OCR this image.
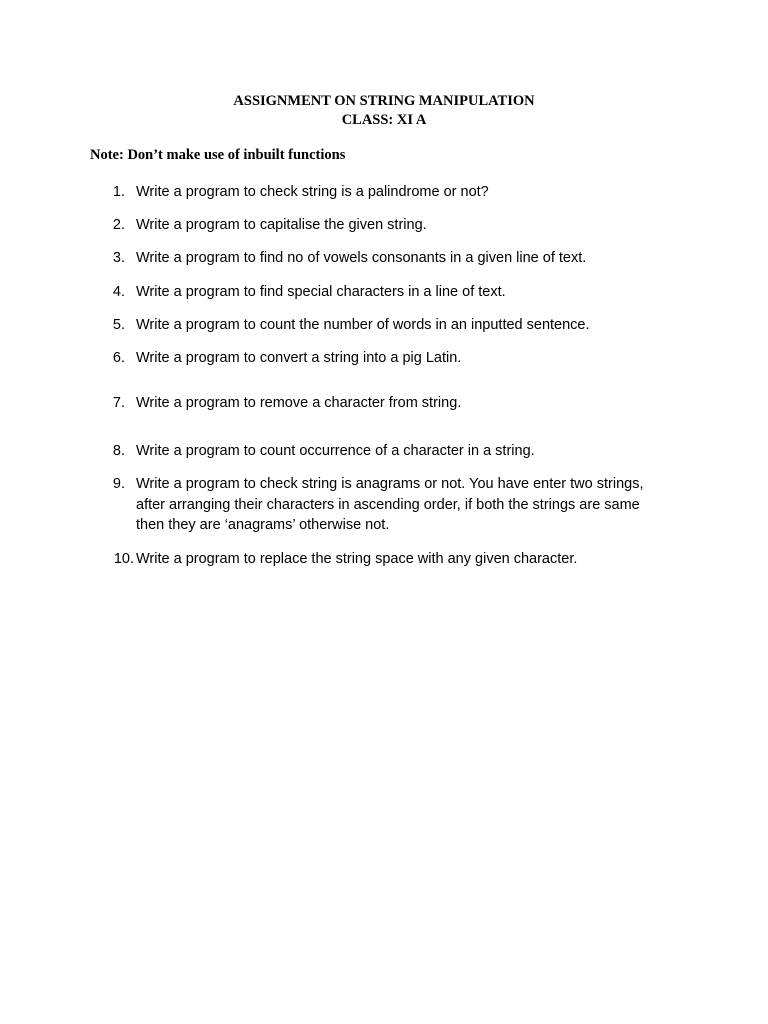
ASSIGNMENT ON STRING MANIPULATION
CLASS: XI A
Note: Don’t make use of inbuilt functions
1. Write a program to check string is a palindrome or not?
2. Write a program to capitalise the given string.
3. Write a program to find no of vowels consonants in a given line of text.
4. Write a program to find special characters in a line of text.
5. Write a program to count the number of words in an inputted sentence.
6. Write a program to convert a string into a pig Latin.
7. Write a program to remove a character from string.
8. Write a program to count occurrence of a character in a string.
9. Write a program to check string is anagrams or not. You have enter two strings,
after arranging their characters in ascending order, if both the strings are same
then they are ‘anagrams’ otherwise not.
10. Write a program to replace the string space with any given character.
